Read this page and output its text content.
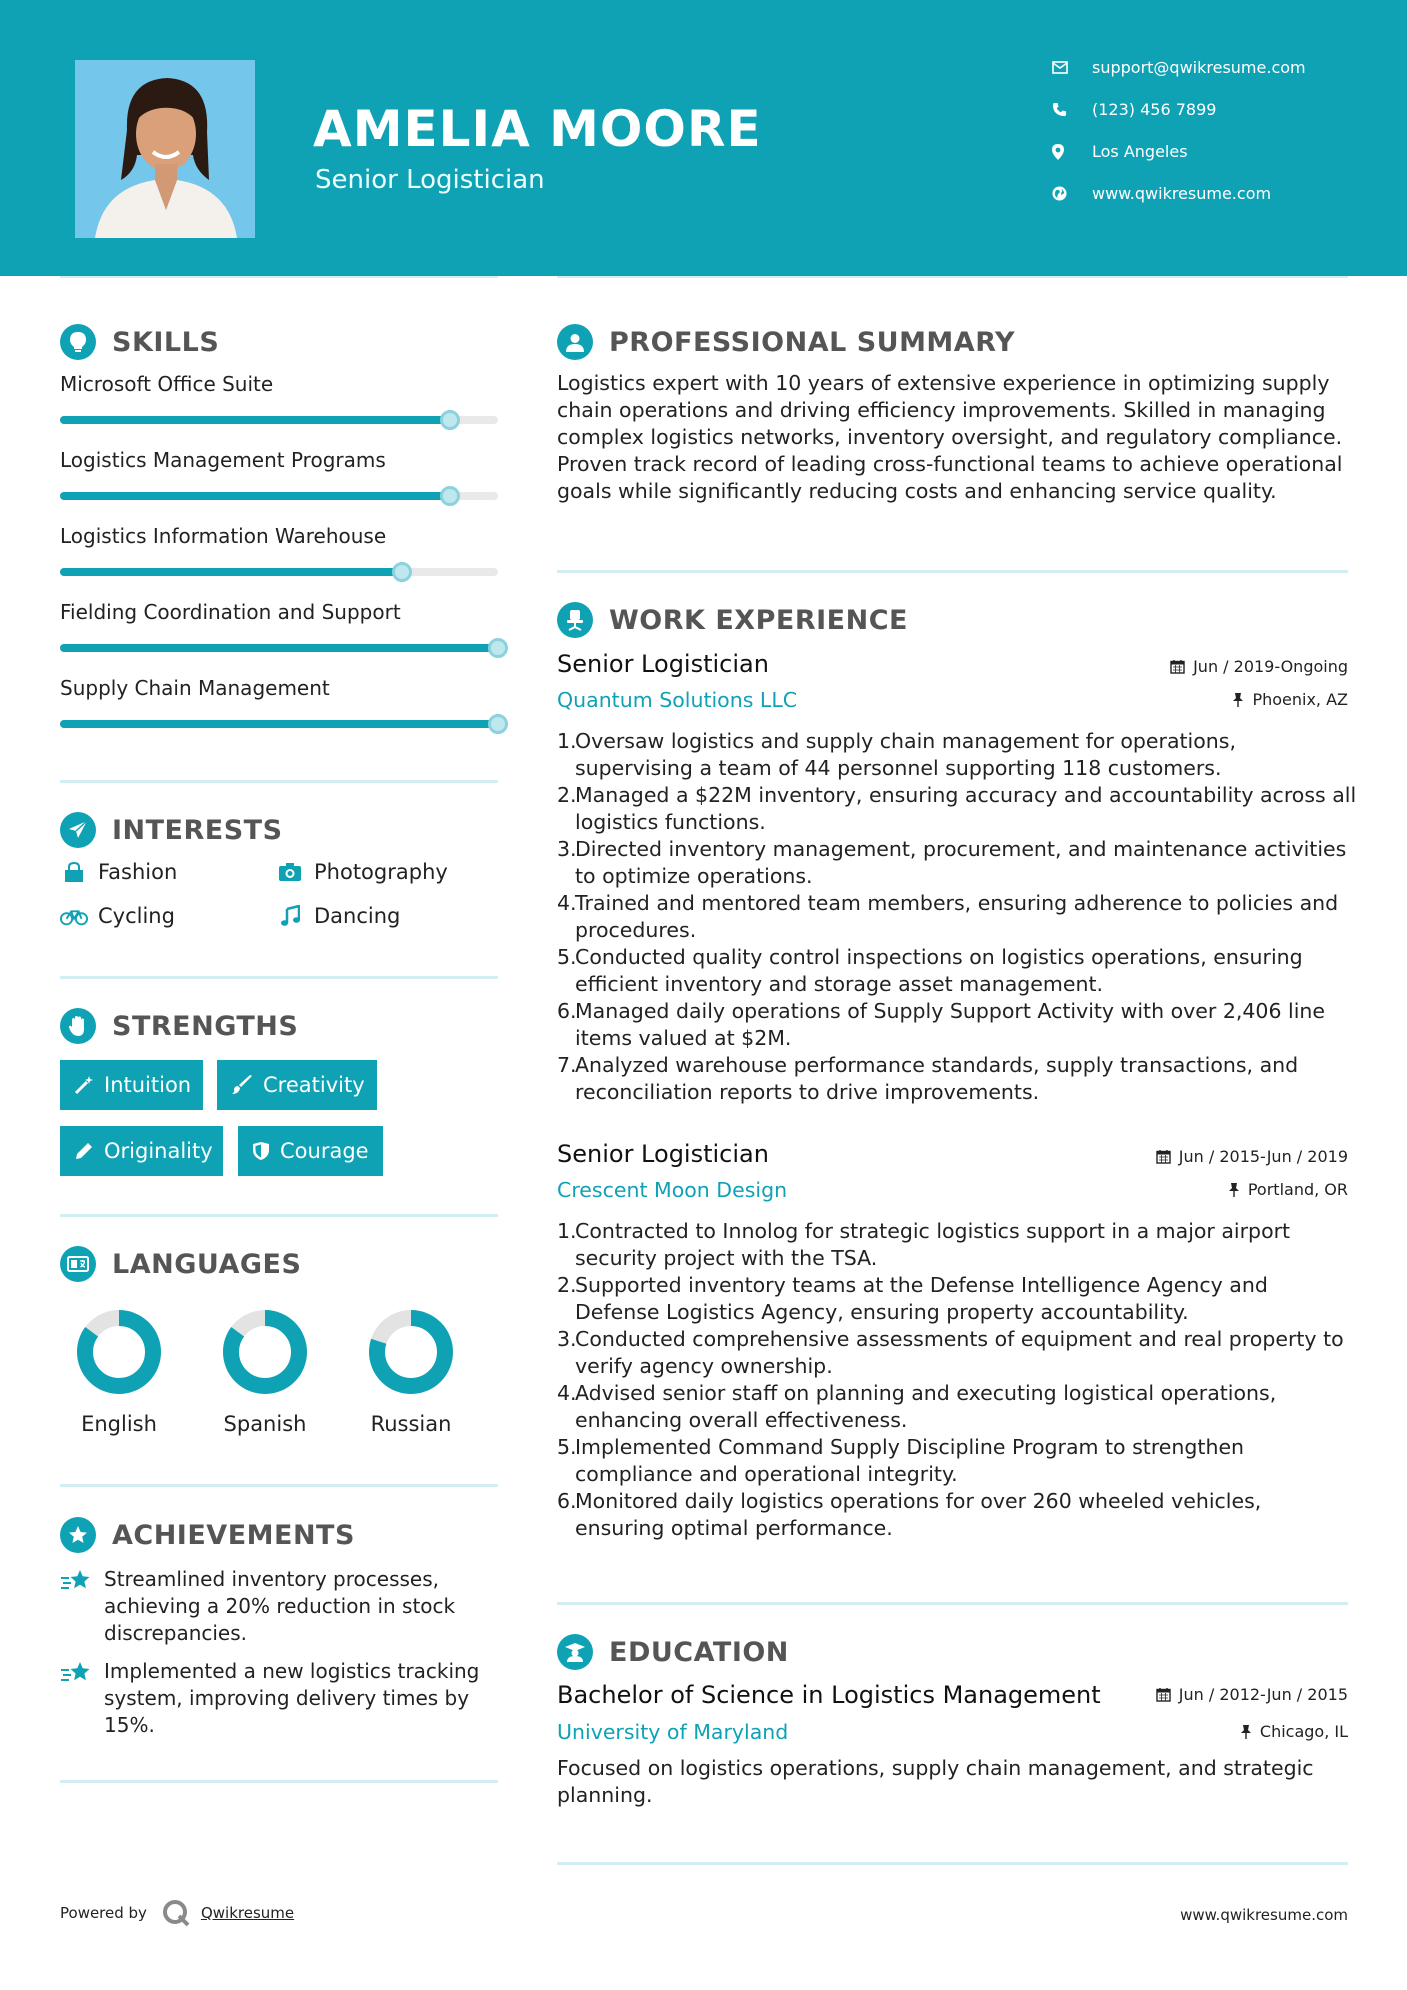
AMELIA MOORE
Senior Logistician
support@qwikresume.com
(123) 456 7899
Los Angeles
www.qwikresume.com
SKILLS
Microsoft Office Suite
Logistics Management Programs
Logistics Information Warehouse
Fielding Coordination and Support
Supply Chain Management
INTERESTS
Fashion	Photography
Cycling	Dancing
STRENGTHS
Intuition	Creativity
Originality	Courage
LANGUAGES
English	Spanish	Russian
ACHIEVEMENTS
Streamlined inventory processes, achieving a 20% reduction in stock discrepancies.
Implemented a new logistics tracking system, improving delivery times by 15%.
PROFESSIONAL SUMMARY
Logistics expert with 10 years of extensive experience in optimizing supply chain operations and driving efficiency improvements. Skilled in managing complex logistics networks, inventory oversight, and regulatory compliance. Proven track record of leading cross-functional teams to achieve operational goals while significantly reducing costs and enhancing service quality.
WORK EXPERIENCE
Senior Logistician	Jun / 2019-Ongoing
Quantum Solutions LLC	Phoenix, AZ
1.
Oversaw logistics and supply chain management for operations, supervising a team of 44 personnel supporting 118 customers.
2.
Managed a $22M inventory, ensuring accuracy and accountability across all logistics functions.
3.
Directed inventory management, procurement, and maintenance activities to optimize operations.
4.
Trained and mentored team members, ensuring adherence to policies and procedures.
5.
Conducted quality control inspections on logistics operations, ensuring efficient inventory and storage asset management.
6.
Managed daily operations of Supply Support Activity with over 2,406 line items valued at $2M.
7.
Analyzed warehouse performance standards, supply transactions, and reconciliation reports to drive improvements.
Senior Logistician	Jun / 2015-Jun / 2019
Crescent Moon Design	Portland, OR
1.
Contracted to Innolog for strategic logistics support in a major airport security project with the TSA.
2.
Supported inventory teams at the Defense Intelligence Agency and Defense Logistics Agency, ensuring property accountability.
3.
Conducted comprehensive assessments of equipment and real property to verify agency ownership.
4.
Advised senior staff on planning and executing logistical operations, enhancing overall effectiveness.
5.
Implemented Command Supply Discipline Program to strengthen compliance and operational integrity.
6.
Monitored daily logistics operations for over 260 wheeled vehicles, ensuring optimal performance.
EDUCATION
Bachelor of Science in Logistics Management	Jun / 2012-Jun / 2015
University of Maryland	Chicago, IL
Focused on logistics operations, supply chain management, and strategic planning.
Powered by	Qwikresume	www.qwikresume.com
